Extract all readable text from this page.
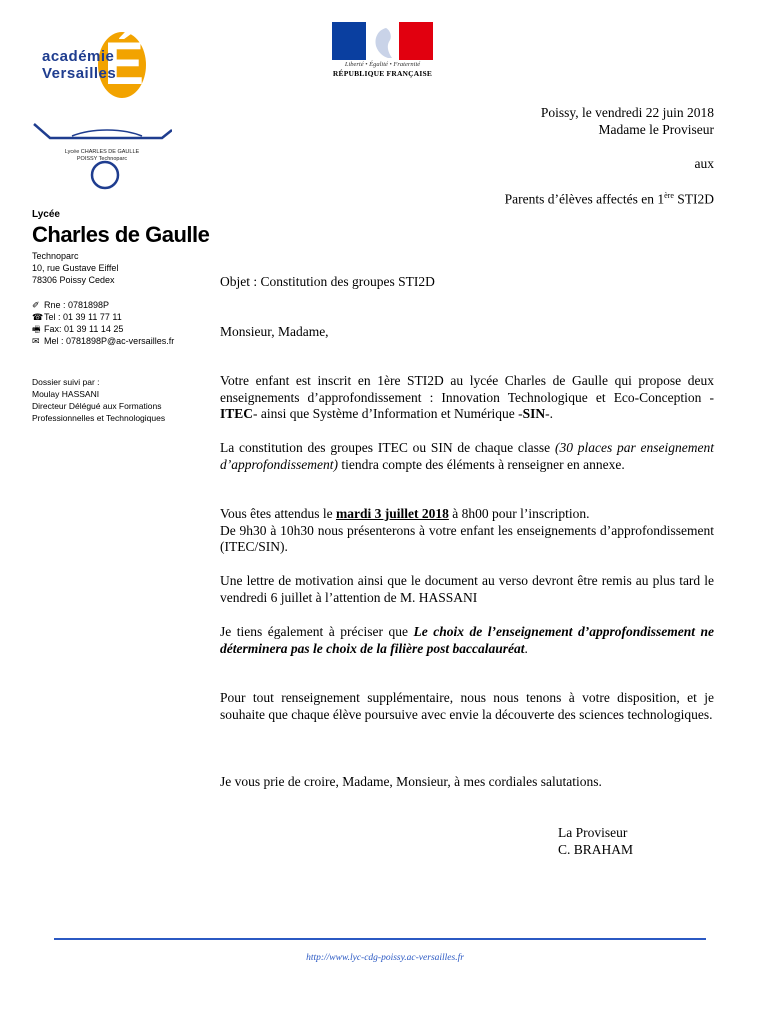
É
académie
Versailles
Liberté • Égalité • Fraternité
RÉPUBLIQUE FRANÇAISE
Lycée CHARLES DE GAULLE
POISSY Technoparc
Lycée
Charles de Gaulle
Technoparc
10, rue Gustave Eiffel
78306 Poissy Cedex
✐ Rne : 0781898P
☎Tel : 01 39 11 77 11
🖷 Fax: 01 39 11 14 25
✉ Mel : 0781898P@ac-versailles.fr
Dossier suivi par :
Moulay HASSANI
Directeur Délégué aux Formations
Professionnelles et Technologiques
Poissy, le vendredi 22 juin 2018
Madame le Proviseur
aux
Parents d’élèves affectés en 1ère STI2D
Objet : Constitution des groupes STI2D
Monsieur, Madame,
Votre enfant est inscrit en 1ère STI2D au lycée Charles de Gaulle qui propose deux enseignements d’approfondissement : Innovation Technologique et Eco-Conception -ITEC- ainsi que Système d’Information et Numérique -SIN-.
La constitution des groupes ITEC ou SIN de chaque classe (30 places par enseignement d’approfondissement) tiendra compte des éléments à renseigner en annexe.
Vous êtes attendus le mardi 3 juillet 2018 à 8h00 pour l’inscription.
De 9h30 à 10h30 nous présenterons à votre enfant les enseignements d’approfondissement (ITEC/SIN).
Une lettre de motivation ainsi que le document au verso devront être remis au plus tard le vendredi 6 juillet à l’attention de M. HASSANI
Je tiens également à préciser que Le choix de l’enseignement d’approfondissement ne déterminera pas le choix de la filière post baccalauréat.
Pour tout renseignement supplémentaire, nous nous tenons à votre disposition, et je souhaite que chaque élève poursuive avec envie la découverte des sciences technologiques.
Je vous prie de croire, Madame, Monsieur, à mes cordiales salutations.
La Proviseur
C. BRAHAM
http://www.lyc-cdg-poissy.ac-versailles.fr
